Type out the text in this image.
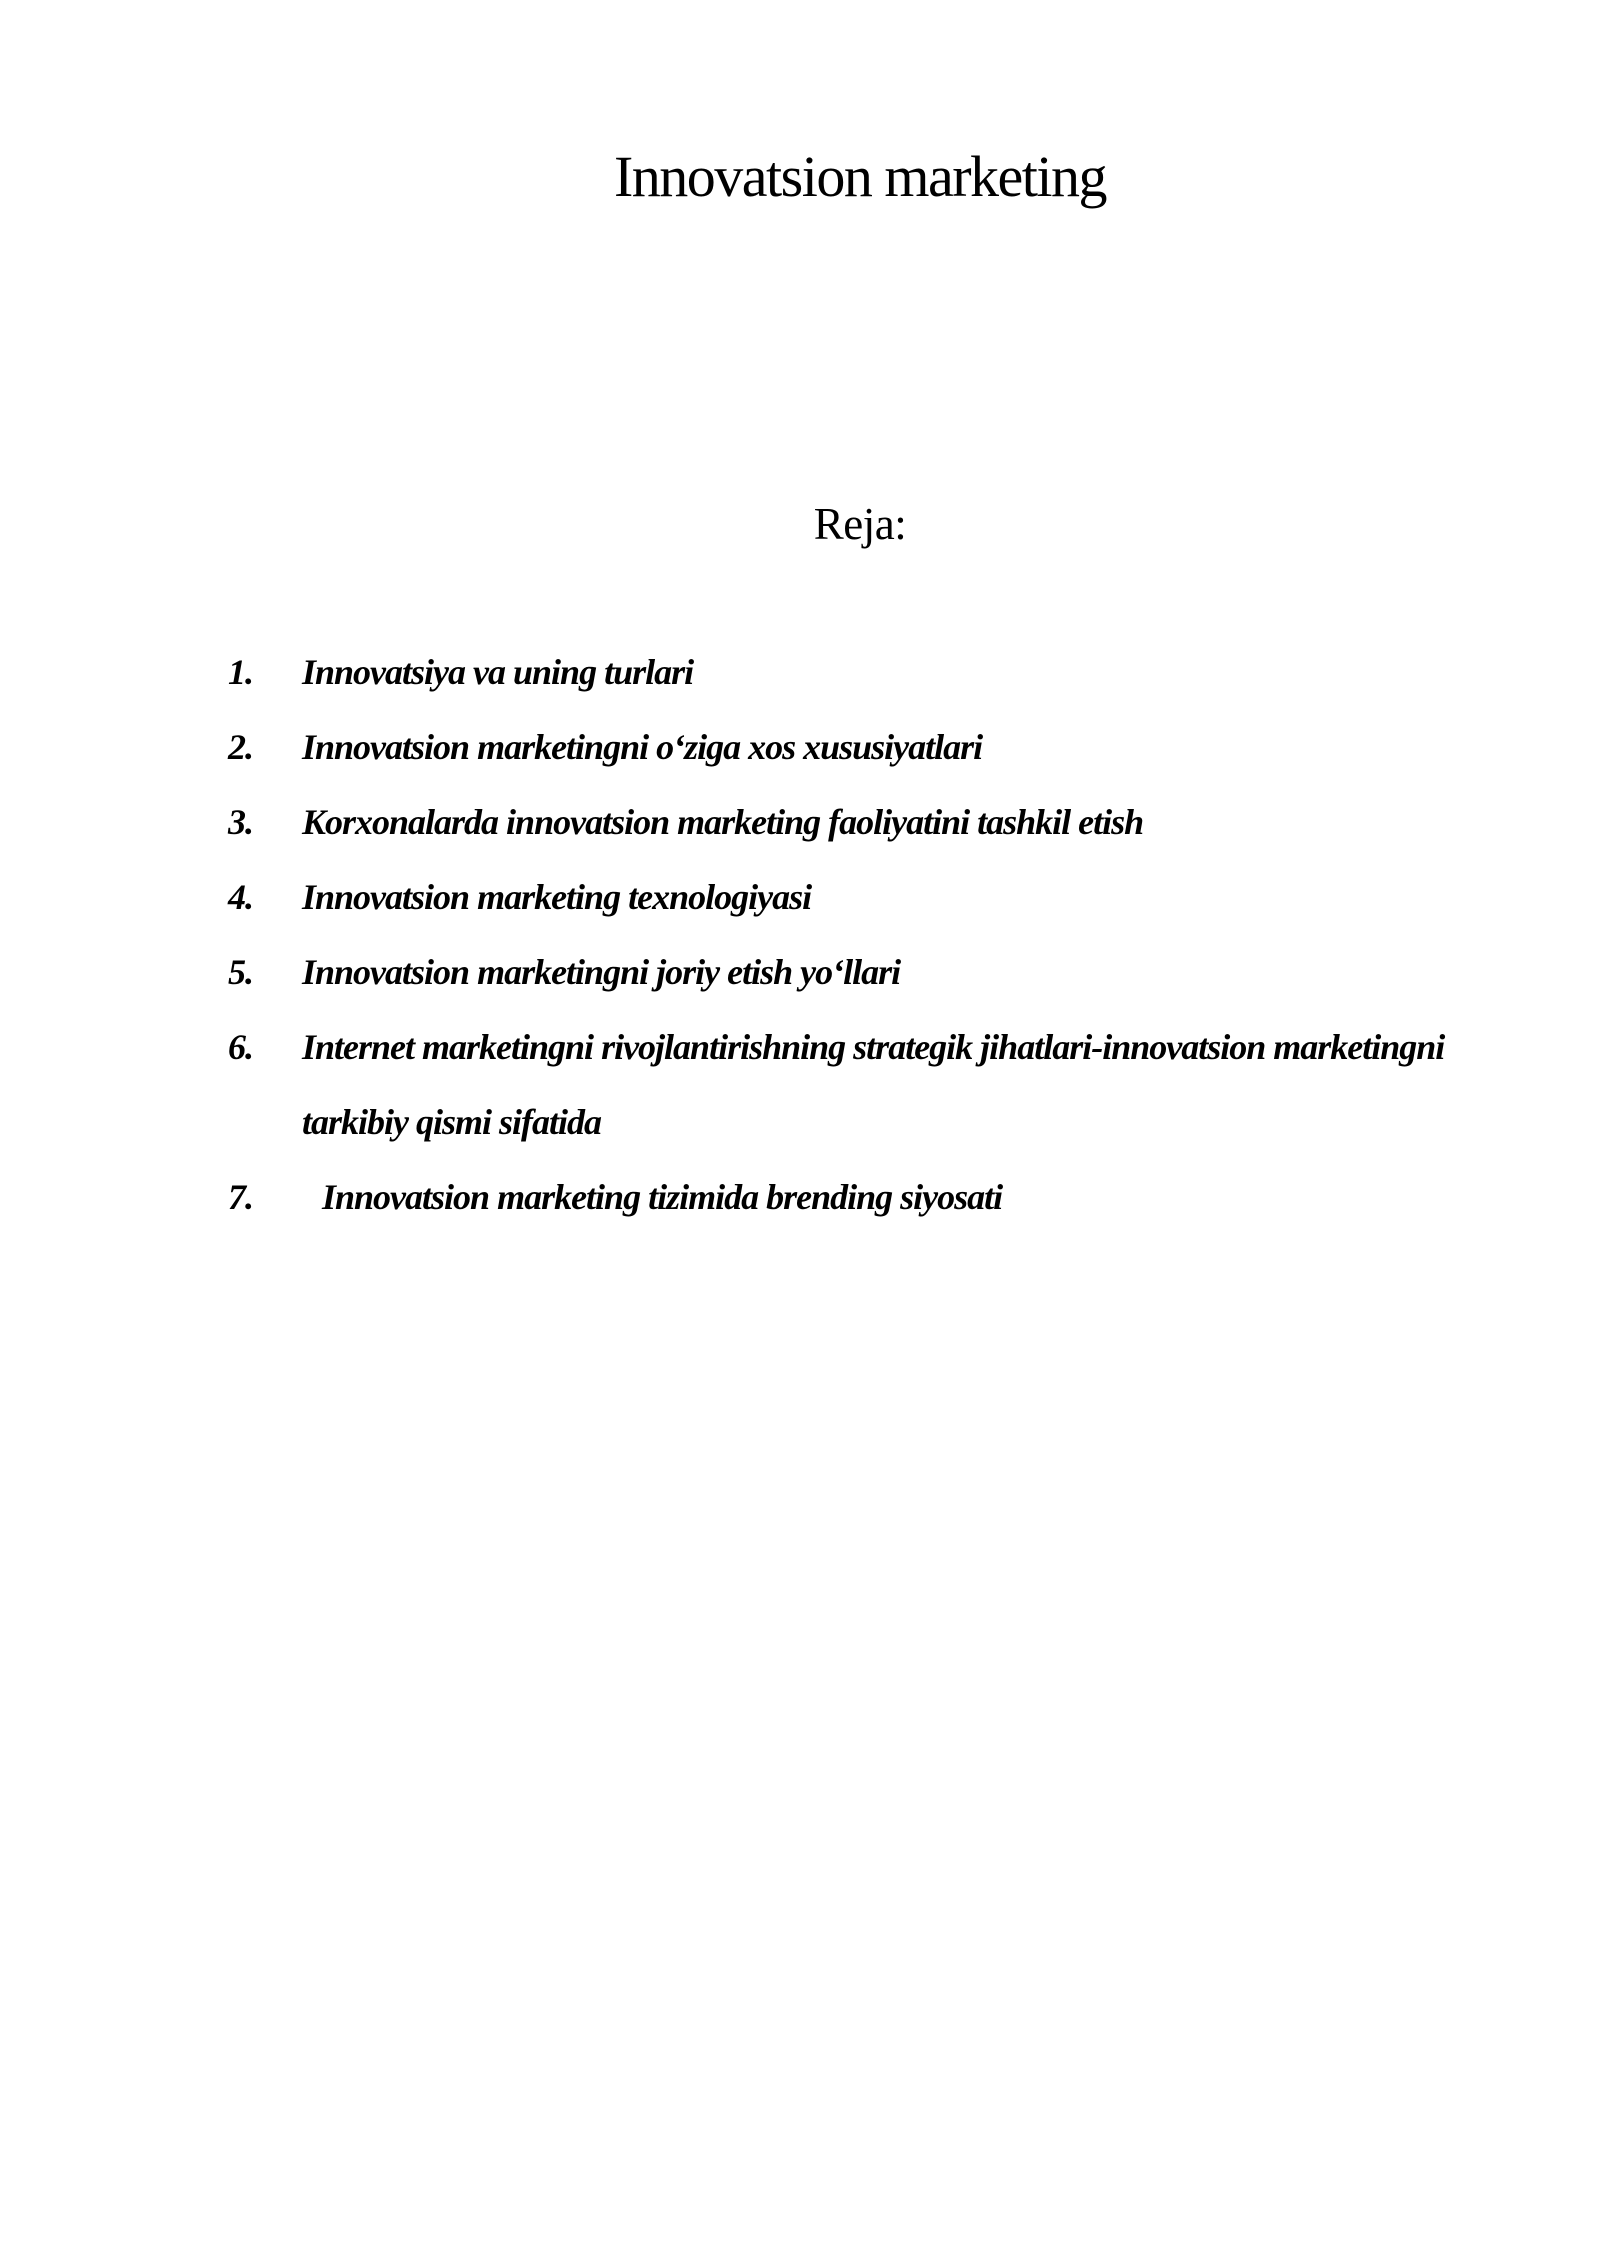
Innovatsion marketing
Reja:
1. Innovatsiya va uning turlari
2. Innovatsion marketingni o‘ziga xos xususiyatlari
3. Korxonalarda innovatsion marketing faoliyatini tashkil etish
4. Innovatsion marketing texnologiyasi
5. Innovatsion marketingni joriy etish yo‘llari
6. Internet marketingni rivojlantirishning strategik jihatlari-innovatsion marketingni tarkibiy qismi sifatida
7. Innovatsion marketing tizimida brending siyosati
